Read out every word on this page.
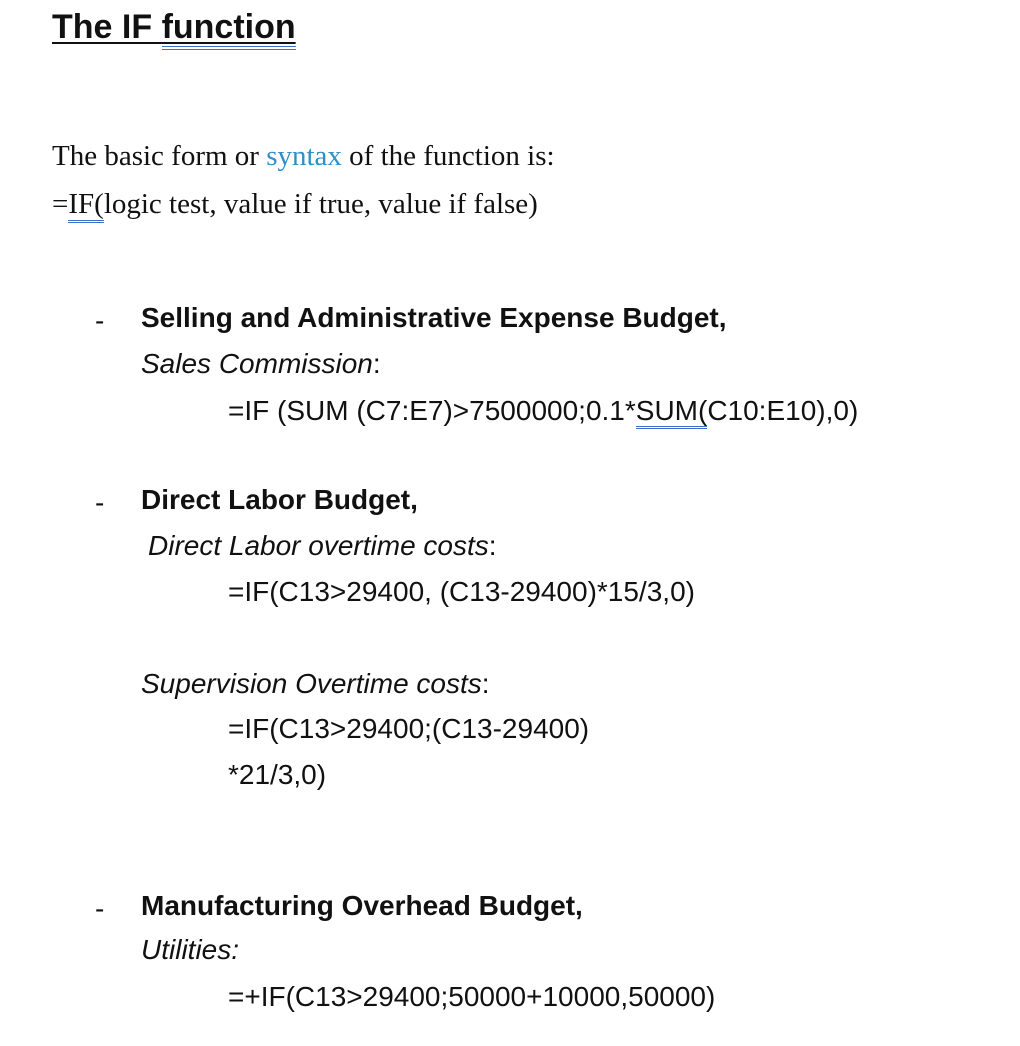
The IF function
The basic form or syntax of the function is:
=IF(logic test, value if true, value if false)
- Selling and Administrative Expense Budget,
Sales Commission:
=IF (SUM (C7:E7)>7500000;0.1*SUM(C10:E10),0)
- Direct Labor Budget,
Direct Labor overtime costs:
=IF(C13>29400, (C13-29400)*15/3,0)
Supervision Overtime costs:
=IF(C13>29400;(C13-29400)
*21/3,0)
- Manufacturing Overhead Budget,
Utilities:
=+IF(C13>29400;50000+10000,50000)
